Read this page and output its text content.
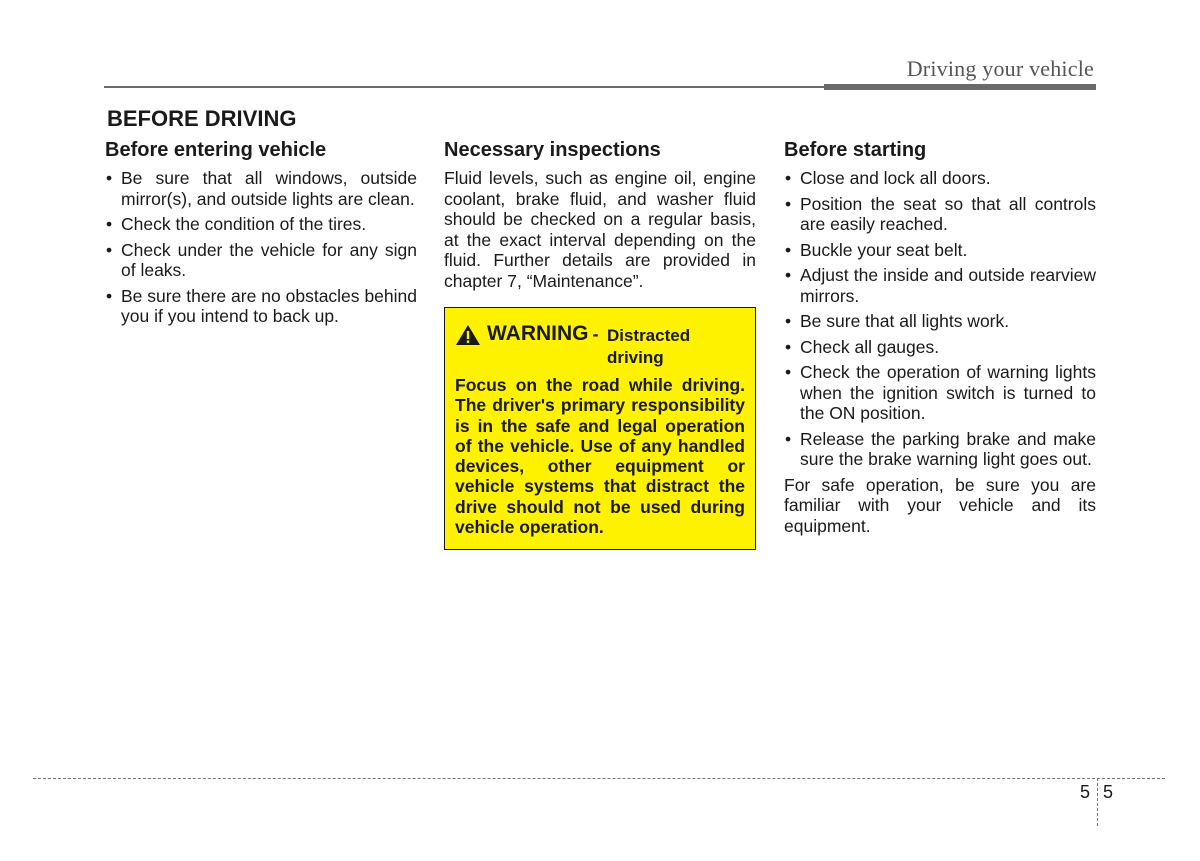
Driving your vehicle
BEFORE DRIVING
Before entering vehicle
• Be sure that all windows, outside mirror(s), and outside lights are clean.
• Check the condition of the tires.
• Check under the vehicle for any sign of leaks.
• Be sure there are no obstacles behind you if you intend to back up.
Necessary inspections

Fluid levels, such as engine oil, engine coolant, brake fluid, and washer fluid should be checked on a regular basis, at the exact interval depending on the fluid. Further details are provided in chapter 7, “Maintenance”.

WARNING - Distracted driving

Focus on the road while driving. The driver's primary responsibility is in the safe and legal operation of the vehicle. Use of any handled devices, other equipment or vehicle systems that distract the drive should not be used during vehicle operation.

Before starting
• Close and lock all doors.
• Position the seat so that all controls are easily reached.
• Buckle your seat belt.
• Adjust the inside and outside rearview mirrors.
• Be sure that all lights work.
• Check all gauges.
• Check the operation of warning lights when the ignition switch is turned to the ON position.
• Release the parking brake and make sure the brake warning light goes out.

For safe operation, be sure you are familiar with your vehicle and its equipment.

5 5
